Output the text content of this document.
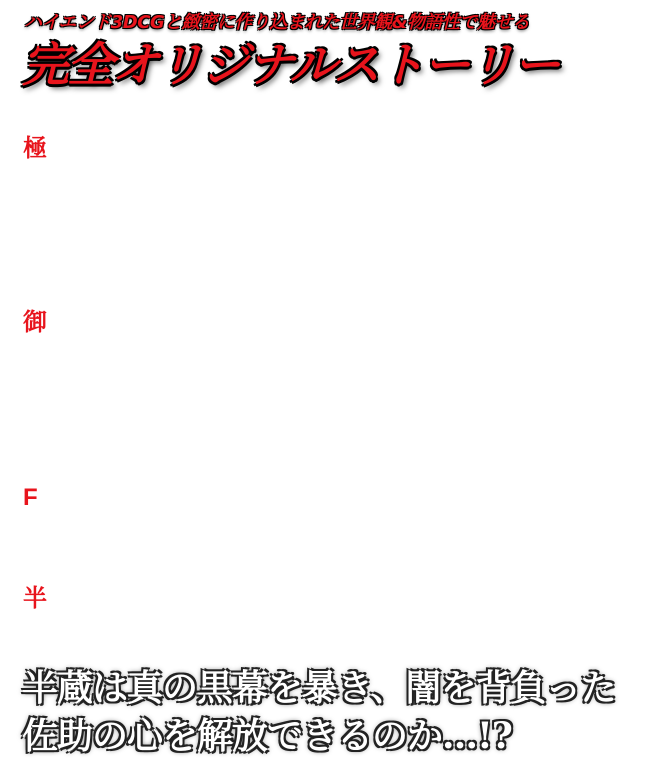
ハイエンド3DCGと緻密に作り込まれた世界観&物語性で魅せる
完全オリジナルストーリー
極
御
F
半
半蔵は真の黒幕を暴き、闇を背負った
佐助の心を解放できるのか…!?
